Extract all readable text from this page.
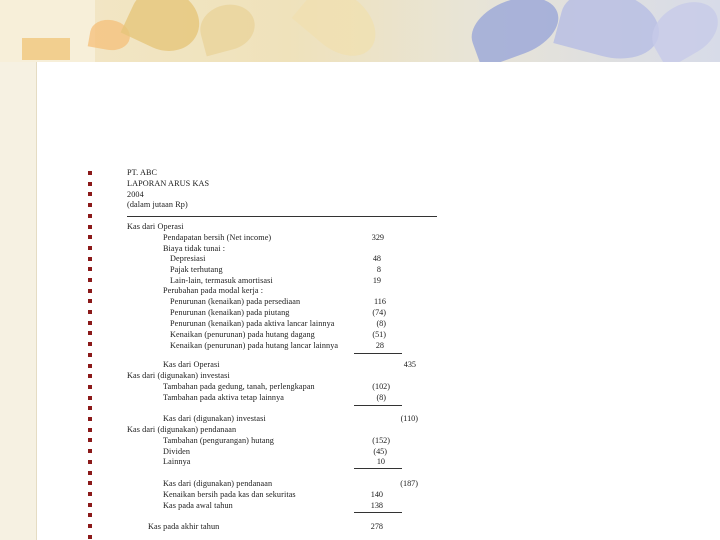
PT. ABC
LAPORAN ARUS KAS
2004
(dalam jutaan Rp)
Kas dari Operasi
Pendapatan bersih (Net income)	329
Biaya tidak tunai :
Depresiasi	48
Pajak terhutang	8
Lain-lain, termasuk amortisasi	19
Perubahan pada modal kerja :
Penurunan (kenaikan) pada persediaan	116
Penurunan (kenaikan) pada piutang	(74)
Penurunan (kenaikan) pada aktiva lancar lainnya	(8)
Kenaikan (penurunan) pada hutang dagang	(51)
Kenaikan (penurunan) pada hutang lancar lainnya	28
Kas dari Operasi	435
Kas dari (digunakan) investasi
Tambahan pada gedung, tanah, perlengkapan	(102)
Tambahan pada aktiva tetap lainnya	(8)
Kas dari (digunakan) investasi	(110)
Kas dari (digunakan) pendanaan
Tambahan (pengurangan) hutang	(152)
Dividen	(45)
Lainnya	10
Kas dari (digunakan) pendanaan	(187)
Kenaikan bersih pada kas dan sekuritas	140
Kas pada awal tahun	138
Kas pada akhir tahun	278
